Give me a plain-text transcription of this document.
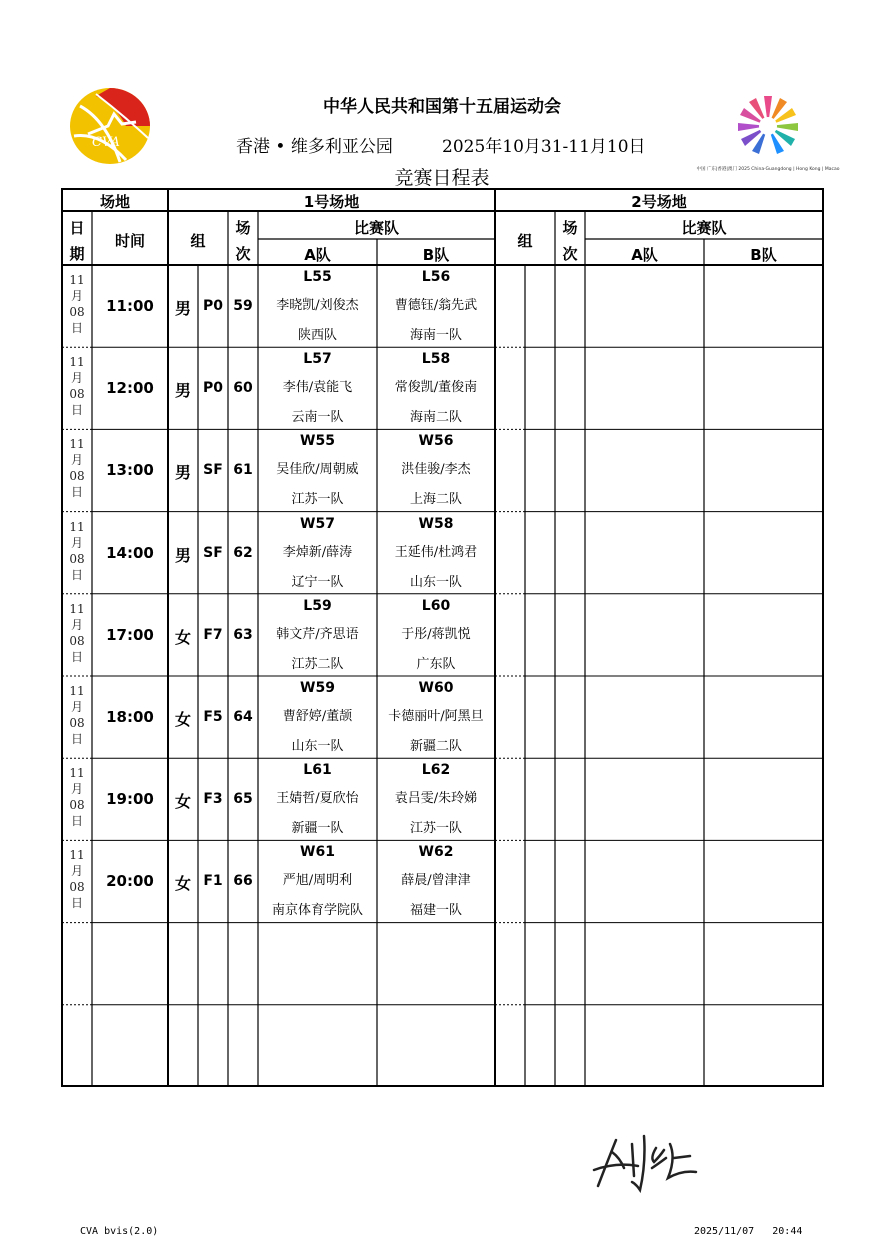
中华人民共和国第十五届运动会
香港 • 维多利亚公园	2025年10月31-11月10日
竞赛日程表
CVA
中国 广东|香港|澳门 2025 China·Guangdong | Hong Kong | Macao
场地	1号场地	2号场地
日
期
时间	组
场
次
比赛队
A队	B队
组
场
次
比赛队
A队	B队
11
月
08
日
11:00	男 P0 59
L55	L56
李晓凯/刘俊杰	曹德钰/翁先武
陕西队	海南一队
11
月
08
日
12:00	男 P0 60
L57	L58
李伟/袁能飞	常俊凯/董俊南
云南一队	海南二队
11
月
08
日
13:00	男 SF 61
W55	W56
吴佳欣/周朝威	洪佳骏/李杰
江苏一队	上海二队
11
月
08
日
14:00	男 SF 62
W57	W58
李焯新/薛涛	王延伟/杜鸿君
辽宁一队	山东一队
11
月
08
日
17:00	女 F7 63
L59	L60
韩文芹/齐思语	于彤/蒋凯悦
江苏二队	广东队
11
月
08
日
18:00	女 F5 64
W59	W60
曹舒婷/董颉	卡德丽叶/阿黑旦
山东一队	新疆二队
11
月
08
日
19:00	女 F3 65
L61	L62
王婧哲/夏欣怡	袁吕雯/朱玲娣
新疆一队	江苏一队
11
月
08
日
20:00	女 F1 66
W61	W62
严旭/周明利	薛晨/曾津津
南京体育学院队	福建一队
CVA bvis(2.0)	2025/11/07   20:44
